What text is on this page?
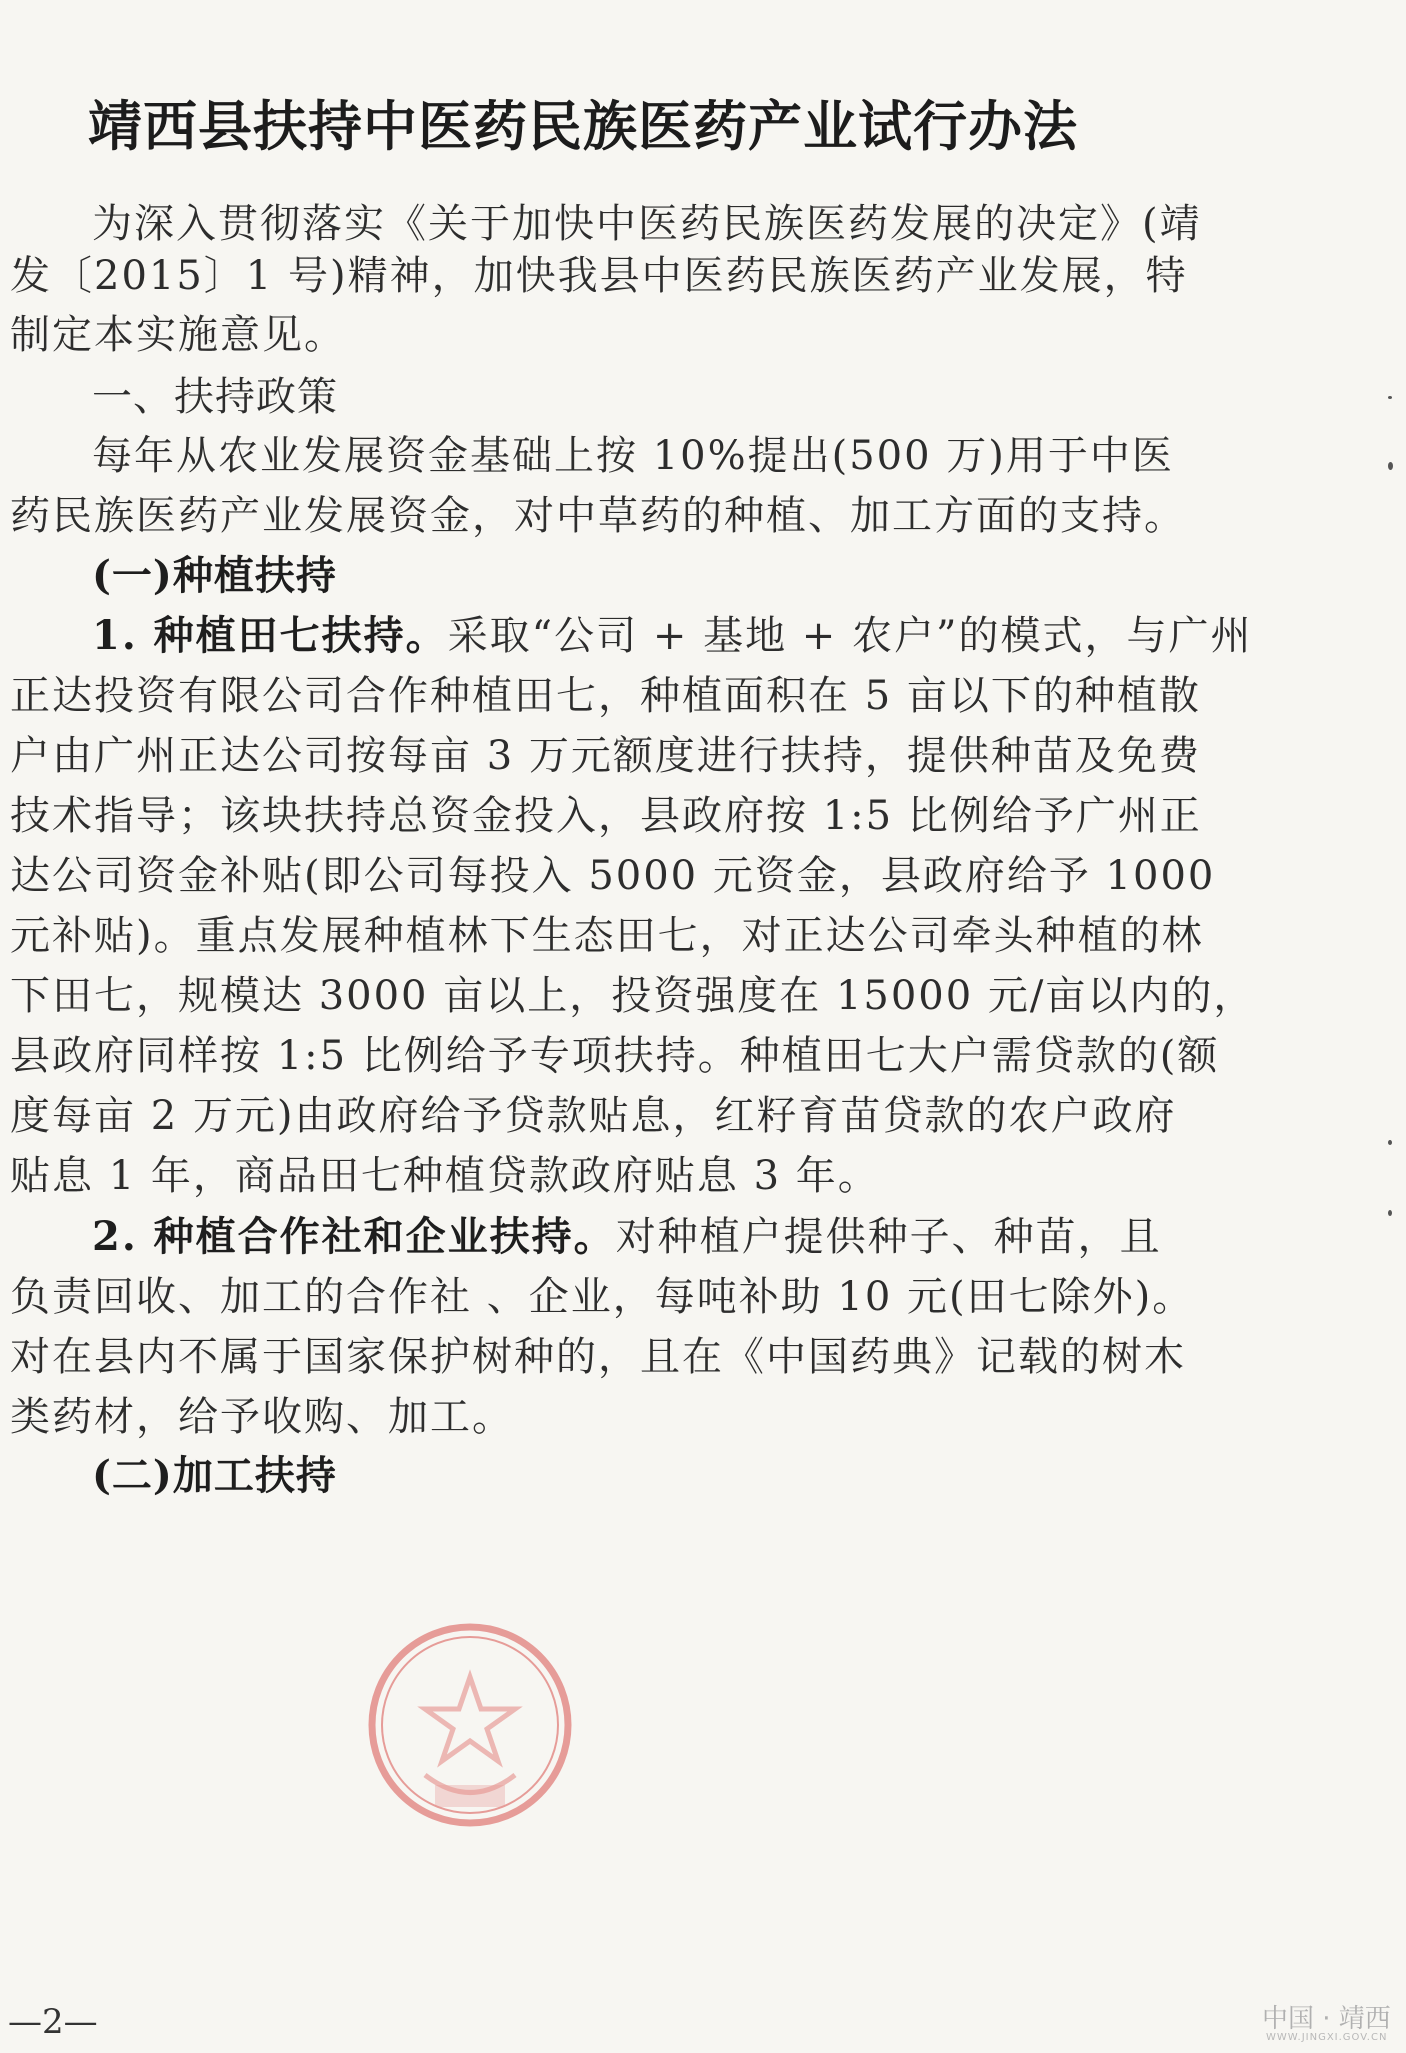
靖西县扶持中医药民族医药产业试行办法
为深入贯彻落实《关于加快中医药民族医药发展的决定》(靖
发〔2015〕1 号)精神，加快我县中医药民族医药产业发展，特
制定本实施意见。
一、扶持政策
每年从农业发展资金基础上按 10%提出(500 万)用于中医
药民族医药产业发展资金，对中草药的种植、加工方面的支持。
(一)种植扶持
1. 种植田七扶持。采取“公司 + 基地 + 农户”的模式，与广州
正达投资有限公司合作种植田七，种植面积在 5 亩以下的种植散
户由广州正达公司按每亩 3 万元额度进行扶持，提供种苗及免费
技术指导；该块扶持总资金投入，县政府按 1:5 比例给予广州正
达公司资金补贴(即公司每投入 5000 元资金，县政府给予 1000
元补贴)。重点发展种植林下生态田七，对正达公司牵头种植的林
下田七，规模达 3000 亩以上，投资强度在 15000 元/亩以内的，
县政府同样按 1:5 比例给予专项扶持。种植田七大户需贷款的(额
度每亩 2 万元)由政府给予贷款贴息，红籽育苗贷款的农户政府
贴息 1 年，商品田七种植贷款政府贴息 3 年。
2. 种植合作社和企业扶持。对种植户提供种子、种苗，且
负责回收、加工的合作社 、企业，每吨补助 10 元(田七除外)。
对在县内不属于国家保护树种的，且在《中国药典》记载的树木
类药材，给予收购、加工。
(二)加工扶持
—2—	中国 · 靖西
WWW.JINGXI.GOV.CN
